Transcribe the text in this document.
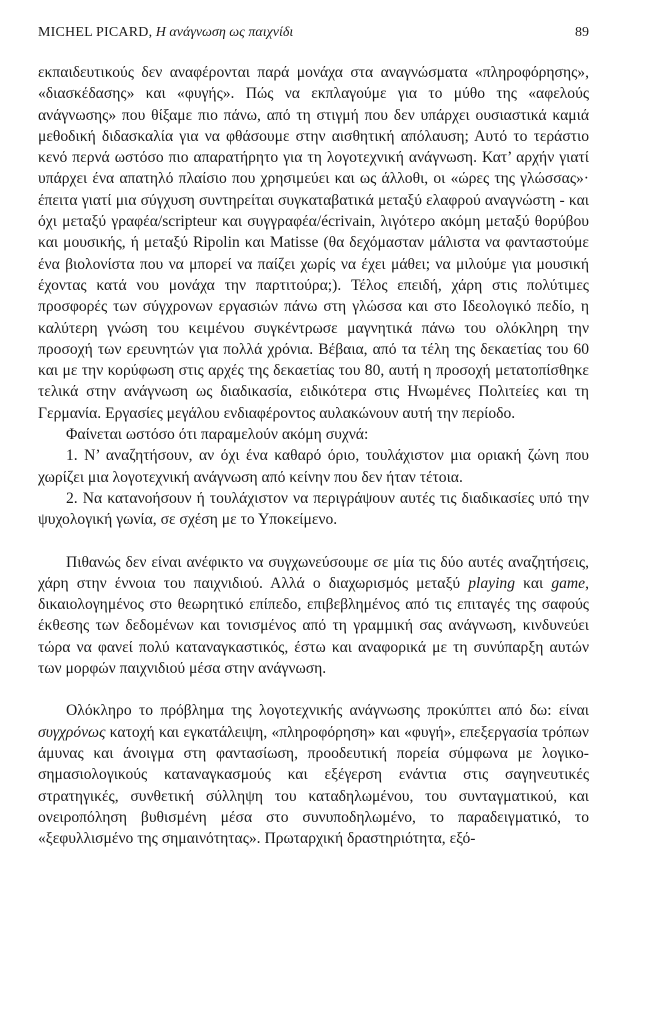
MICHEL PICARD, Η ανάγνωση ως παιχνίδι	89

εκπαιδευτικούς δεν αναφέρονται παρά μονάχα στα αναγνώσματα «πληροφόρησης», «διασκέδασης» και «φυγής». Πώς να εκπλαγούμε για το μύθο της «αφελούς ανάγνωσης» που θίξαμε πιο πάνω, από τη στιγμή που δεν υπάρχει ουσιαστικά καμιά μεθοδική διδασκαλία για να φθάσουμε στην αισθητική απόλαυση; Αυτό το τεράστιο κενό περνά ωστόσο πιο απαρατήρητο για τη λογοτεχνική ανάγνωση. Κατ’ αρχήν γιατί υπάρχει ένα απατηλό πλαίσιο που χρησιμεύει και ως άλλοθι, οι «ώρες της γλώσσας»· έπειτα γιατί μια σύγχυση συντηρείται συγκαταβατικά μεταξύ ελαφρού αναγνώστη - και όχι μεταξύ γραφέα/scripteur και συγγραφέα/écrivain, λιγότερο ακόμη μεταξύ θορύβου και μουσικής, ή μεταξύ Ripolin και Matisse (θα δεχόμασταν μάλιστα να φανταστούμε ένα βιολονίστα που να μπορεί να παίζει χωρίς να έχει μάθει; να μιλούμε για μουσική έχοντας κατά νου μονάχα την παρτιτούρα;). Τέλος επειδή, χάρη στις πολύτιμες προσφορές των σύγχρονων εργασιών πάνω στη γλώσσα και στο Ιδεολογικό πεδίο, η καλύτερη γνώση του κειμένου συγκέντρωσε μαγνητικά πάνω του ολόκληρη την προσοχή των ερευνητών για πολλά χρόνια. Βέβαια, από τα τέλη της δεκαετίας του 60 και με την κορύφωση στις αρχές της δεκαετίας του 80, αυτή η προσοχή μετατοπίσθηκε τελικά στην ανάγνωση ως διαδικασία, ειδικότερα στις Ηνωμένες Πολιτείες και τη Γερμανία. Εργασίες μεγάλου ενδιαφέροντος αυλακώνουν αυτή την περίοδο.

Φαίνεται ωστόσο ότι παραμελούν ακόμη συχνά:

1. Ν’ αναζητήσουν, αν όχι ένα καθαρό όριο, τουλάχιστον μια οριακή ζώνη που χωρίζει μια λογοτεχνική ανάγνωση από κείνην που δεν ήταν τέτοια.

2. Να κατανοήσουν ή τουλάχιστον να περιγράψουν αυτές τις διαδικασίες υπό την ψυχολογική γωνία, σε σχέση με το Υποκείμενο.

Πιθανώς δεν είναι ανέφικτο να συγχωνεύσουμε σε μία τις δύο αυτές αναζητήσεις, χάρη στην έννοια του παιχνιδιού. Αλλά ο διαχωρισμός μεταξύ playing και game, δικαιολογημένος στο θεωρητικό επίπεδο, επιβεβλημένος από τις επιταγές της σαφούς έκθεσης των δεδομένων και τονισμένος από τη γραμμική σας ανάγνωση, κινδυνεύει τώρα να φανεί πολύ καταναγκαστικός, έστω και αναφορικά με τη συνύπαρξη αυτών των μορφών παιχνιδιού μέσα στην ανάγνωση.

Ολόκληρο το πρόβλημα της λογοτεχνικής ανάγνωσης προκύπτει από δω: είναι συγχρόνως κατοχή και εγκατάλειψη, «πληροφόρηση» και «φυγή», επεξεργασία τρόπων άμυνας και άνοιγμα στη φαντασίωση, προοδευτική πορεία σύμφωνα με λογικο-σημασιολογικούς καταναγκασμούς και εξέγερση ενάντια στις σαγηνευτικές στρατηγικές, συνθετική σύλληψη του καταδηλωμένου, του συνταγματικού, και ονειροπόληση βυθισμένη μέσα στο συνυποδηλωμένο, το παραδειγματικό, το «ξεφυλλισμένο της σημαινότητας». Πρωταρχική δραστηριότητα, εξό-
